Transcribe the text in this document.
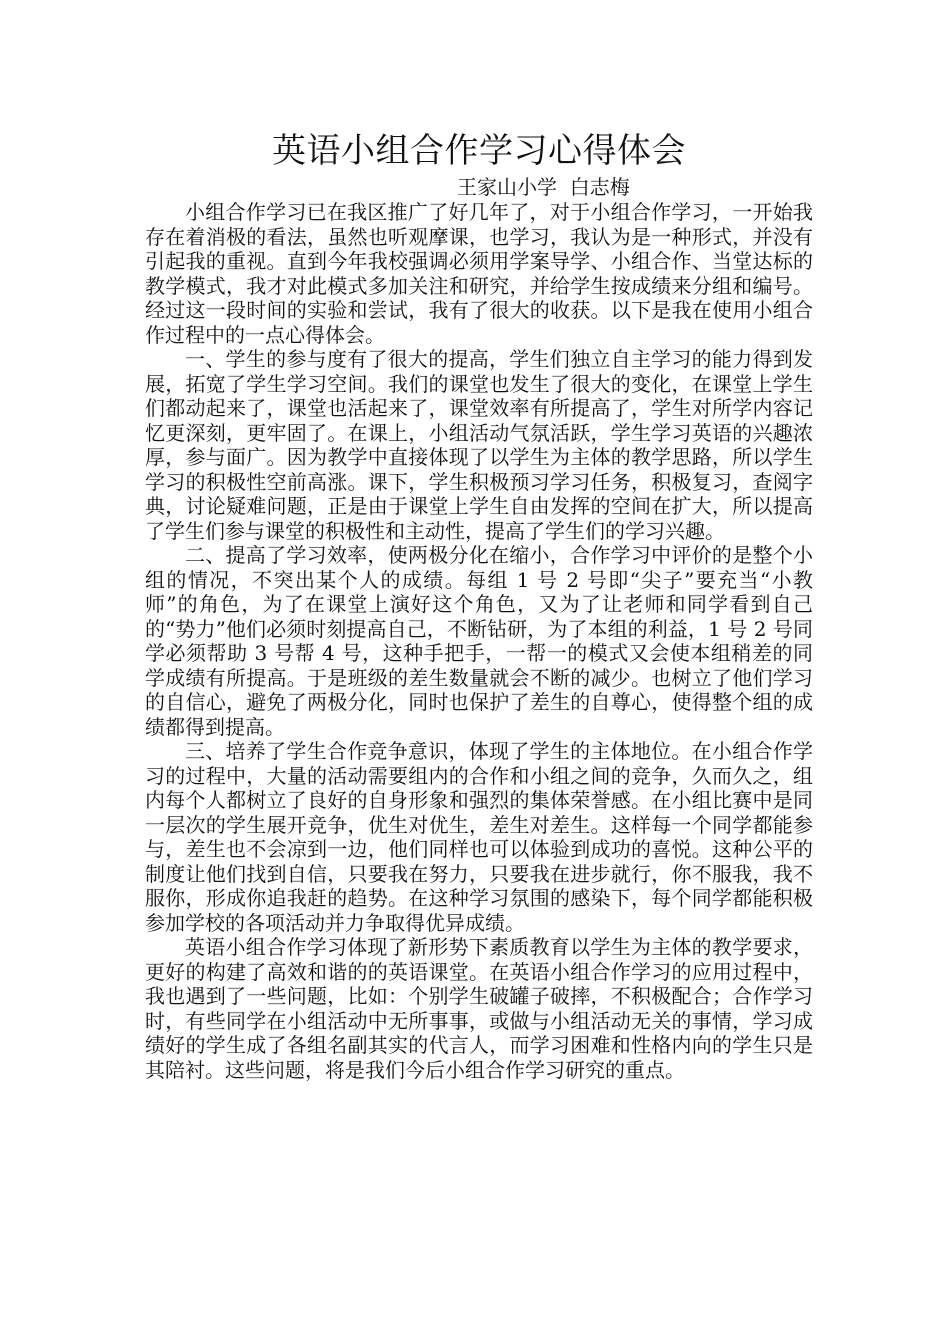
英语小组合作学习心得体会

王家山小学  白志梅

小组合作学习已在我区推广了好几年了，对于小组合作学习，一开始我存在着消极的看法，虽然也听观摩课，也学习，我认为是一种形式，并没有引起我的重视。直到今年我校强调必须用学案导学、小组合作、当堂达标的教学模式，我才对此模式多加关注和研究，并给学生按成绩来分组和编号。经过这一段时间的实验和尝试，我有了很大的收获。以下是我在使用小组合作过程中的一点心得体会。

一、学生的参与度有了很大的提高，学生们独立自主学习的能力得到发展，拓宽了学生学习空间。我们的课堂也发生了很大的变化，在课堂上学生们都动起来了，课堂也活起来了，课堂效率有所提高了，学生对所学内容记忆更深刻，更牢固了。在课上，小组活动气氛活跃，学生学习英语的兴趣浓厚，参与面广。因为教学中直接体现了以学生为主体的教学思路，所以学生学习的积极性空前高涨。课下，学生积极预习学习任务，积极复习，查阅字典，讨论疑难问题，正是由于课堂上学生自由发挥的空间在扩大，所以提高了学生们参与课堂的积极性和主动性，提高了学生们的学习兴趣。

二、提高了学习效率，使两极分化在缩小，合作学习中评价的是整个小组的情况，不突出某个人的成绩。每组 1 号 2 号即“尖子”要充当“小教师”的角色，为了在课堂上演好这个角色，又为了让老师和同学看到自己的“势力”他们必须时刻提高自己，不断钻研，为了本组的利益，1 号 2 号同学必须帮助 3 号帮 4 号，这种手把手，一帮一的模式又会使本组稍差的同学成绩有所提高。于是班级的差生数量就会不断的减少。也树立了他们学习的自信心，避免了两极分化，同时也保护了差生的自尊心，使得整个组的成绩都得到提高。

三、培养了学生合作竞争意识，体现了学生的主体地位。在小组合作学习的过程中，大量的活动需要组内的合作和小组之间的竞争，久而久之，组内每个人都树立了良好的自身形象和强烈的集体荣誉感。在小组比赛中是同一层次的学生展开竞争，优生对优生，差生对差生。这样每一个同学都能参与，差生也不会凉到一边，他们同样也可以体验到成功的喜悦。这种公平的制度让他们找到自信，只要我在努力，只要我在进步就行，你不服我，我不服你，形成你追我赶的趋势。在这种学习氛围的感染下，每个同学都能积极参加学校的各项活动并力争取得优异成绩。

英语小组合作学习体现了新形势下素质教育以学生为主体的教学要求，更好的构建了高效和谐的的英语课堂。在英语小组合作学习的应用过程中，我也遇到了一些问题，比如：个别学生破罐子破摔，不积极配合；合作学习时，有些同学在小组活动中无所事事，或做与小组活动无关的事情，学习成绩好的学生成了各组名副其实的代言人，而学习困难和性格内向的学生只是其陪衬。这些问题，将是我们今后小组合作学习研究的重点。
